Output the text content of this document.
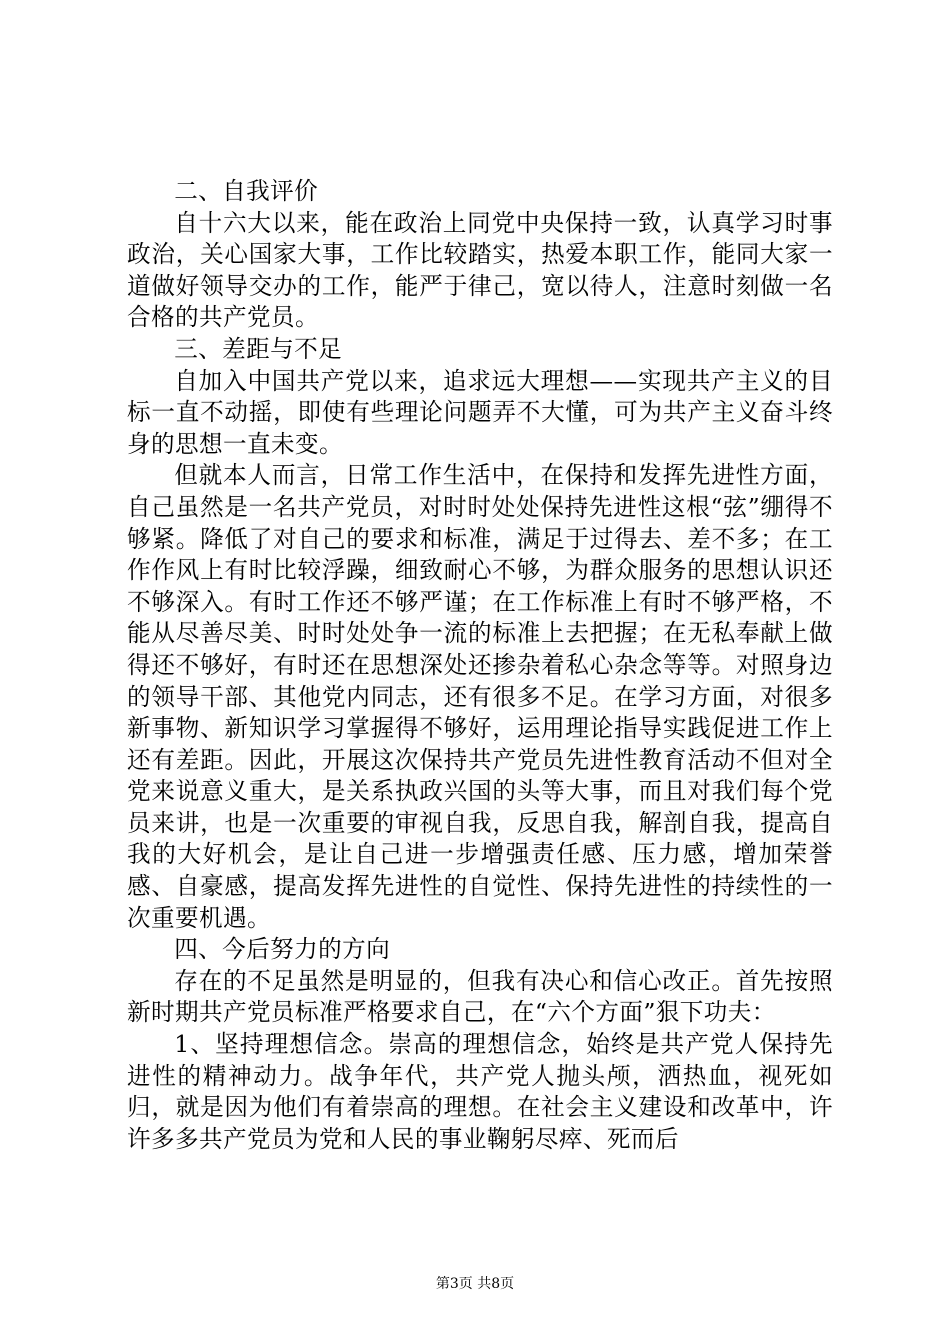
二、自我评价

自十六大以来，能在政治上同党中央保持一致，认真学习时事政治，关心国家大事，工作比较踏实，热爱本职工作，能同大家一道做好领导交办的工作，能严于律己，宽以待人，注意时刻做一名合格的共产党员。

三、差距与不足

自加入中国共产党以来，追求远大理想——实现共产主义的目标一直不动摇，即使有些理论问题弄不大懂，可为共产主义奋斗终身的思想一直未变。

但就本人而言，日常工作生活中，在保持和发挥先进性方面，自己虽然是一名共产党员，对时时处处保持先进性这根“弦”绷得不够紧。降低了对自己的要求和标准，满足于过得去、差不多；在工作作风上有时比较浮躁，细致耐心不够，为群众服务的思想认识还不够深入。有时工作还不够严谨；在工作标准上有时不够严格，不能从尽善尽美、时时处处争一流的标准上去把握；在无私奉献上做得还不够好，有时还在思想深处还掺杂着私心杂念等等。对照身边的领导干部、其他党内同志，还有很多不足。在学习方面，对很多新事物、新知识学习掌握得不够好，运用理论指导实践促进工作上还有差距。因此，开展这次保持共产党员先进性教育活动不但对全党来说意义重大，是关系执政兴国的头等大事，而且对我们每个党员来讲，也是一次重要的审视自我，反思自我，解剖自我，提高自我的大好机会，是让自己进一步增强责任感、压力感，增加荣誉感、自豪感，提高发挥先进性的自觉性、保持先进性的持续性的一次重要机遇。

四、今后努力的方向

存在的不足虽然是明显的，但我有决心和信心改正。首先按照新时期共产党员标准严格要求自己，在“六个方面”狠下功夫：

1、坚持理想信念。崇高的理想信念，始终是共产党人保持先进性的精神动力。战争年代，共产党人抛头颅，洒热血，视死如归，就是因为他们有着崇高的理想。在社会主义建设和改革中，许许多多共产党员为党和人民的事业鞠躬尽瘁、死而后

第3页 共8页
